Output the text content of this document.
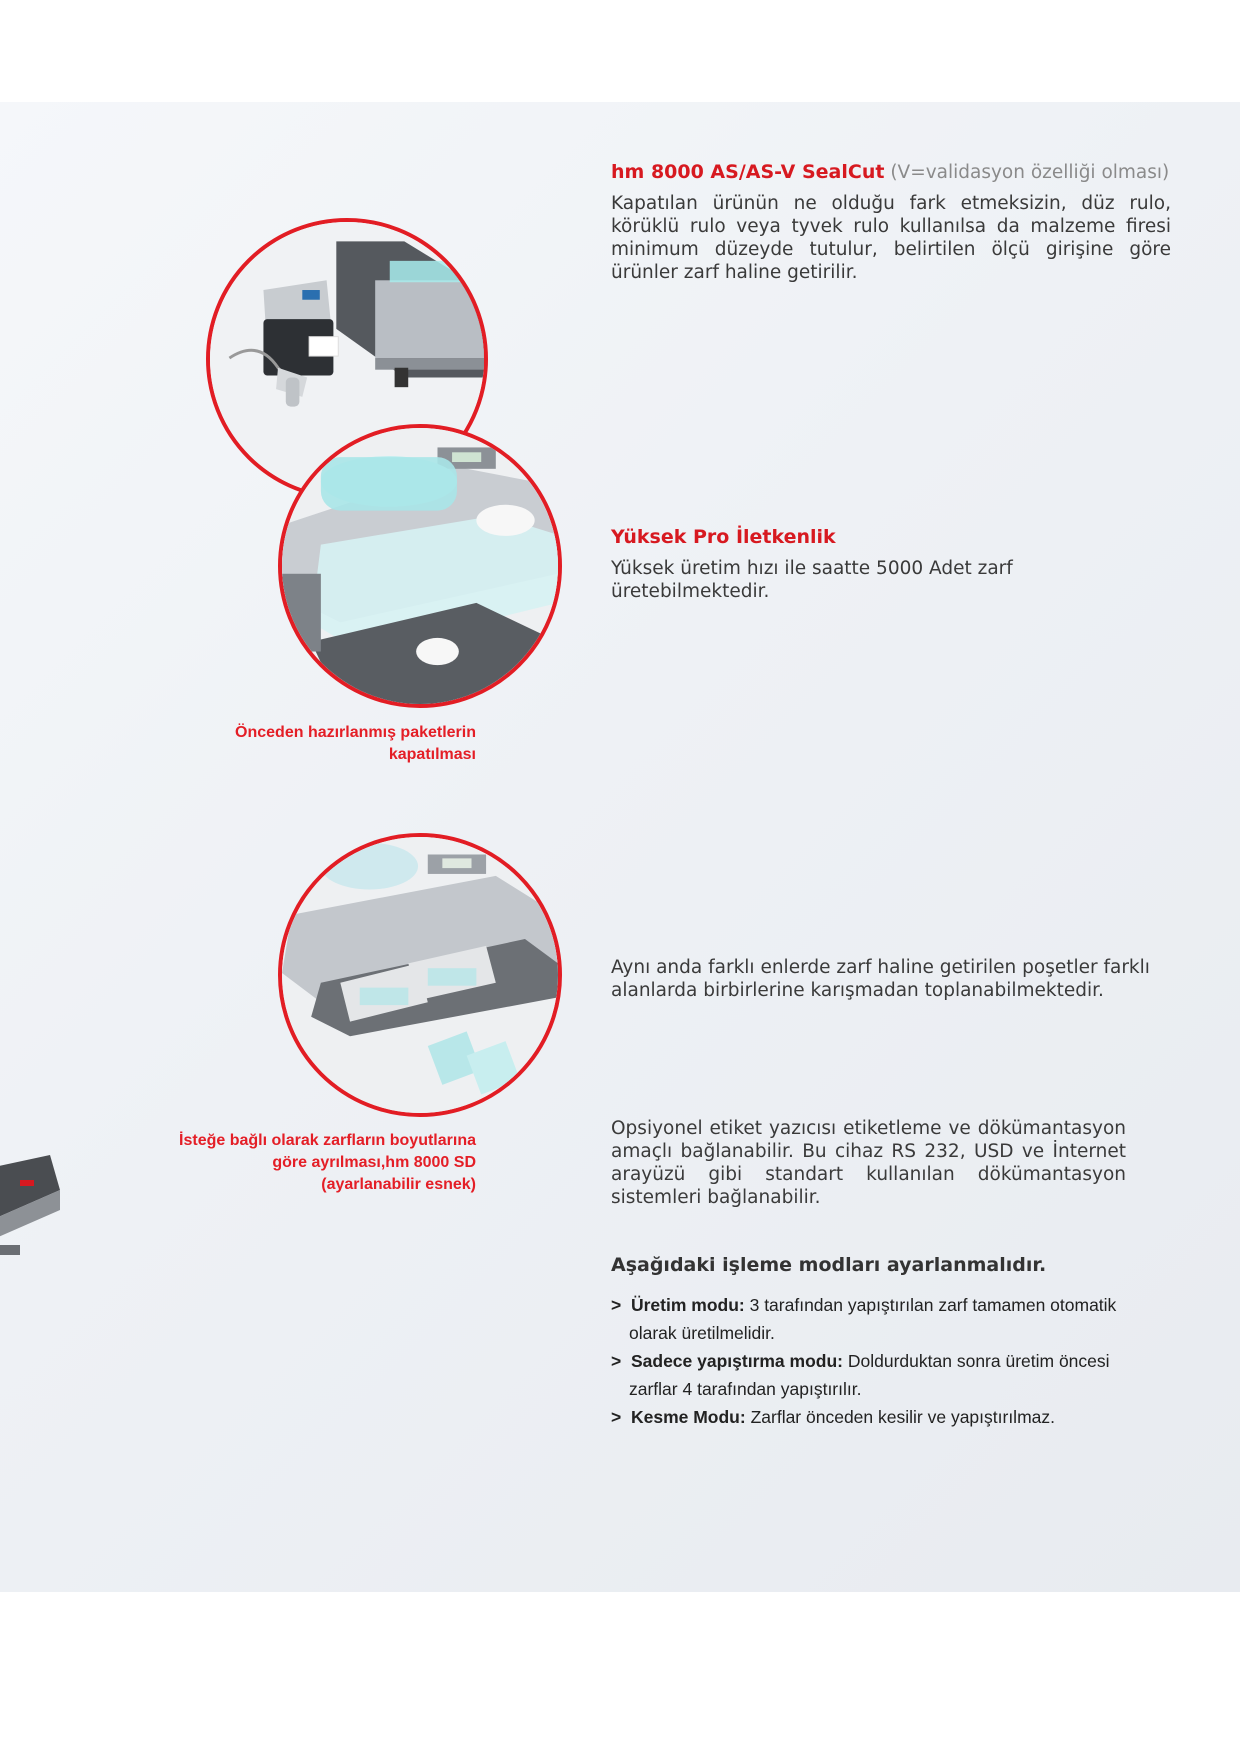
hm 8000 AS/AS-V SealCut (V=validasyon özelliği olması)
Kapatılan ürünün ne olduğu fark etmeksizin, düz rulo, körüklü rulo veya tyvek rulo kullanılsa da malzeme firesi minimum düzeyde tutulur, belirtilen ölçü girişine göre ürünler zarf haline getirilir.
Yüksek Pro İletkenlik
Yüksek üretim hızı ile saatte 5000 Adet zarf üretebilmektedir.
Önceden hazırlanmış paketlerin
kapatılması
Aynı anda farklı enlerde zarf haline getirilen poşetler farklı
alanlarda birbirlerine karışmadan toplanabilmektedir.
İsteğe bağlı olarak zarfların boyutlarına
göre ayrılması,hm 8000 SD
(ayarlanabilir esnek)
Opsiyonel etiket yazıcısı etiketleme ve dökümantasyon amaçlı bağlanabilir. Bu cihaz RS 232, USD ve İnternet arayüzü gibi standart kullanılan dökümantasyon sistemleri bağlanabilir.
Aşağıdaki işleme modları ayarlanmalıdır.
> Üretim modu: 3 tarafından yapıştırılan zarf tamamen otomatik
olarak üretilmelidir.
> Sadece yapıştırma modu: Doldurduktan sonra üretim öncesi
zarflar 4 tarafından yapıştırılır.
> Kesme Modu: Zarflar önceden kesilir ve yapıştırılmaz.
